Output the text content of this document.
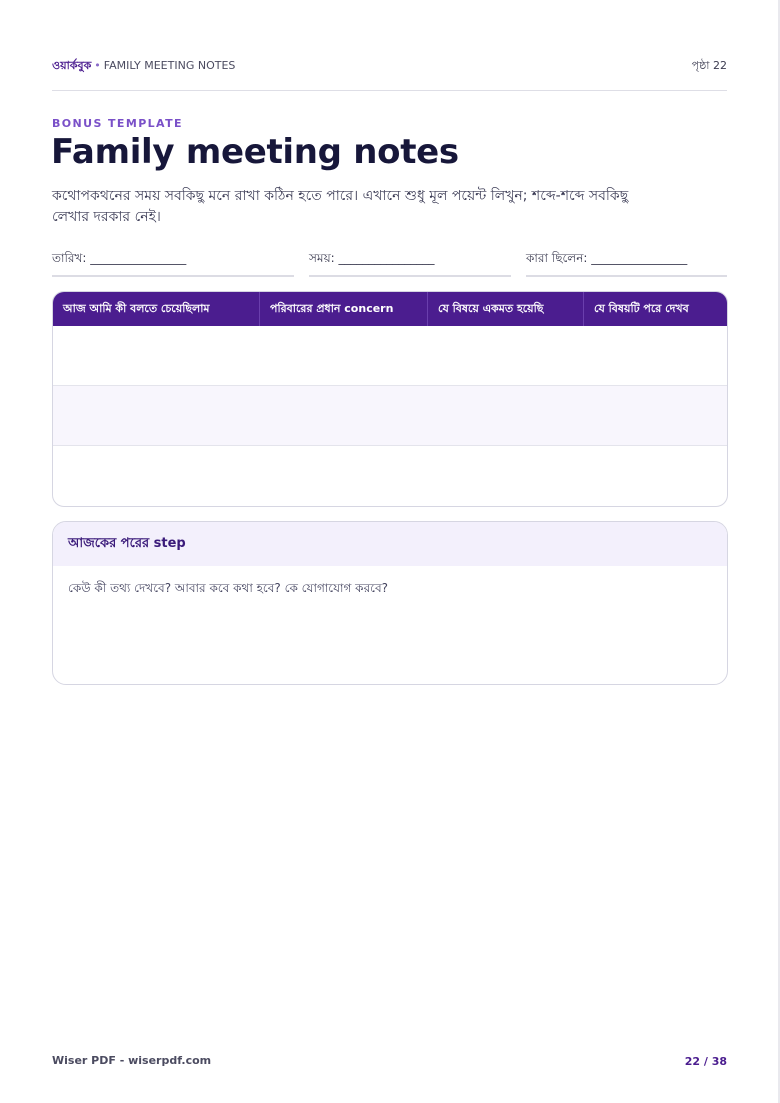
ওয়ার্কবুক • FAMILY MEETING NOTES	পৃষ্ঠা 22
BONUS TEMPLATE
Family meeting notes

কথোপকথনের সময় সবকিছু মনে রাখা কঠিন হতে পারে। এখানে শুধু মূল পয়েন্ট লিখুন; শব্দে-শব্দে সবকিছু লেখার দরকার নেই।

তারিখ: ________________	সময়: ________________	কারা ছিলেন: ________________
আজ আমি কী বলতে চেয়েছিলাম	পরিবারের প্রধান concern	যে বিষয়ে একমত হয়েছি	যে বিষয়টি পরে দেখব
আজকের পরের step
কেউ কী তথ্য দেখবে? আবার কবে কথা হবে? কে যোগাযোগ করবে?
Wiser PDF - wiserpdf.com	22 / 38
